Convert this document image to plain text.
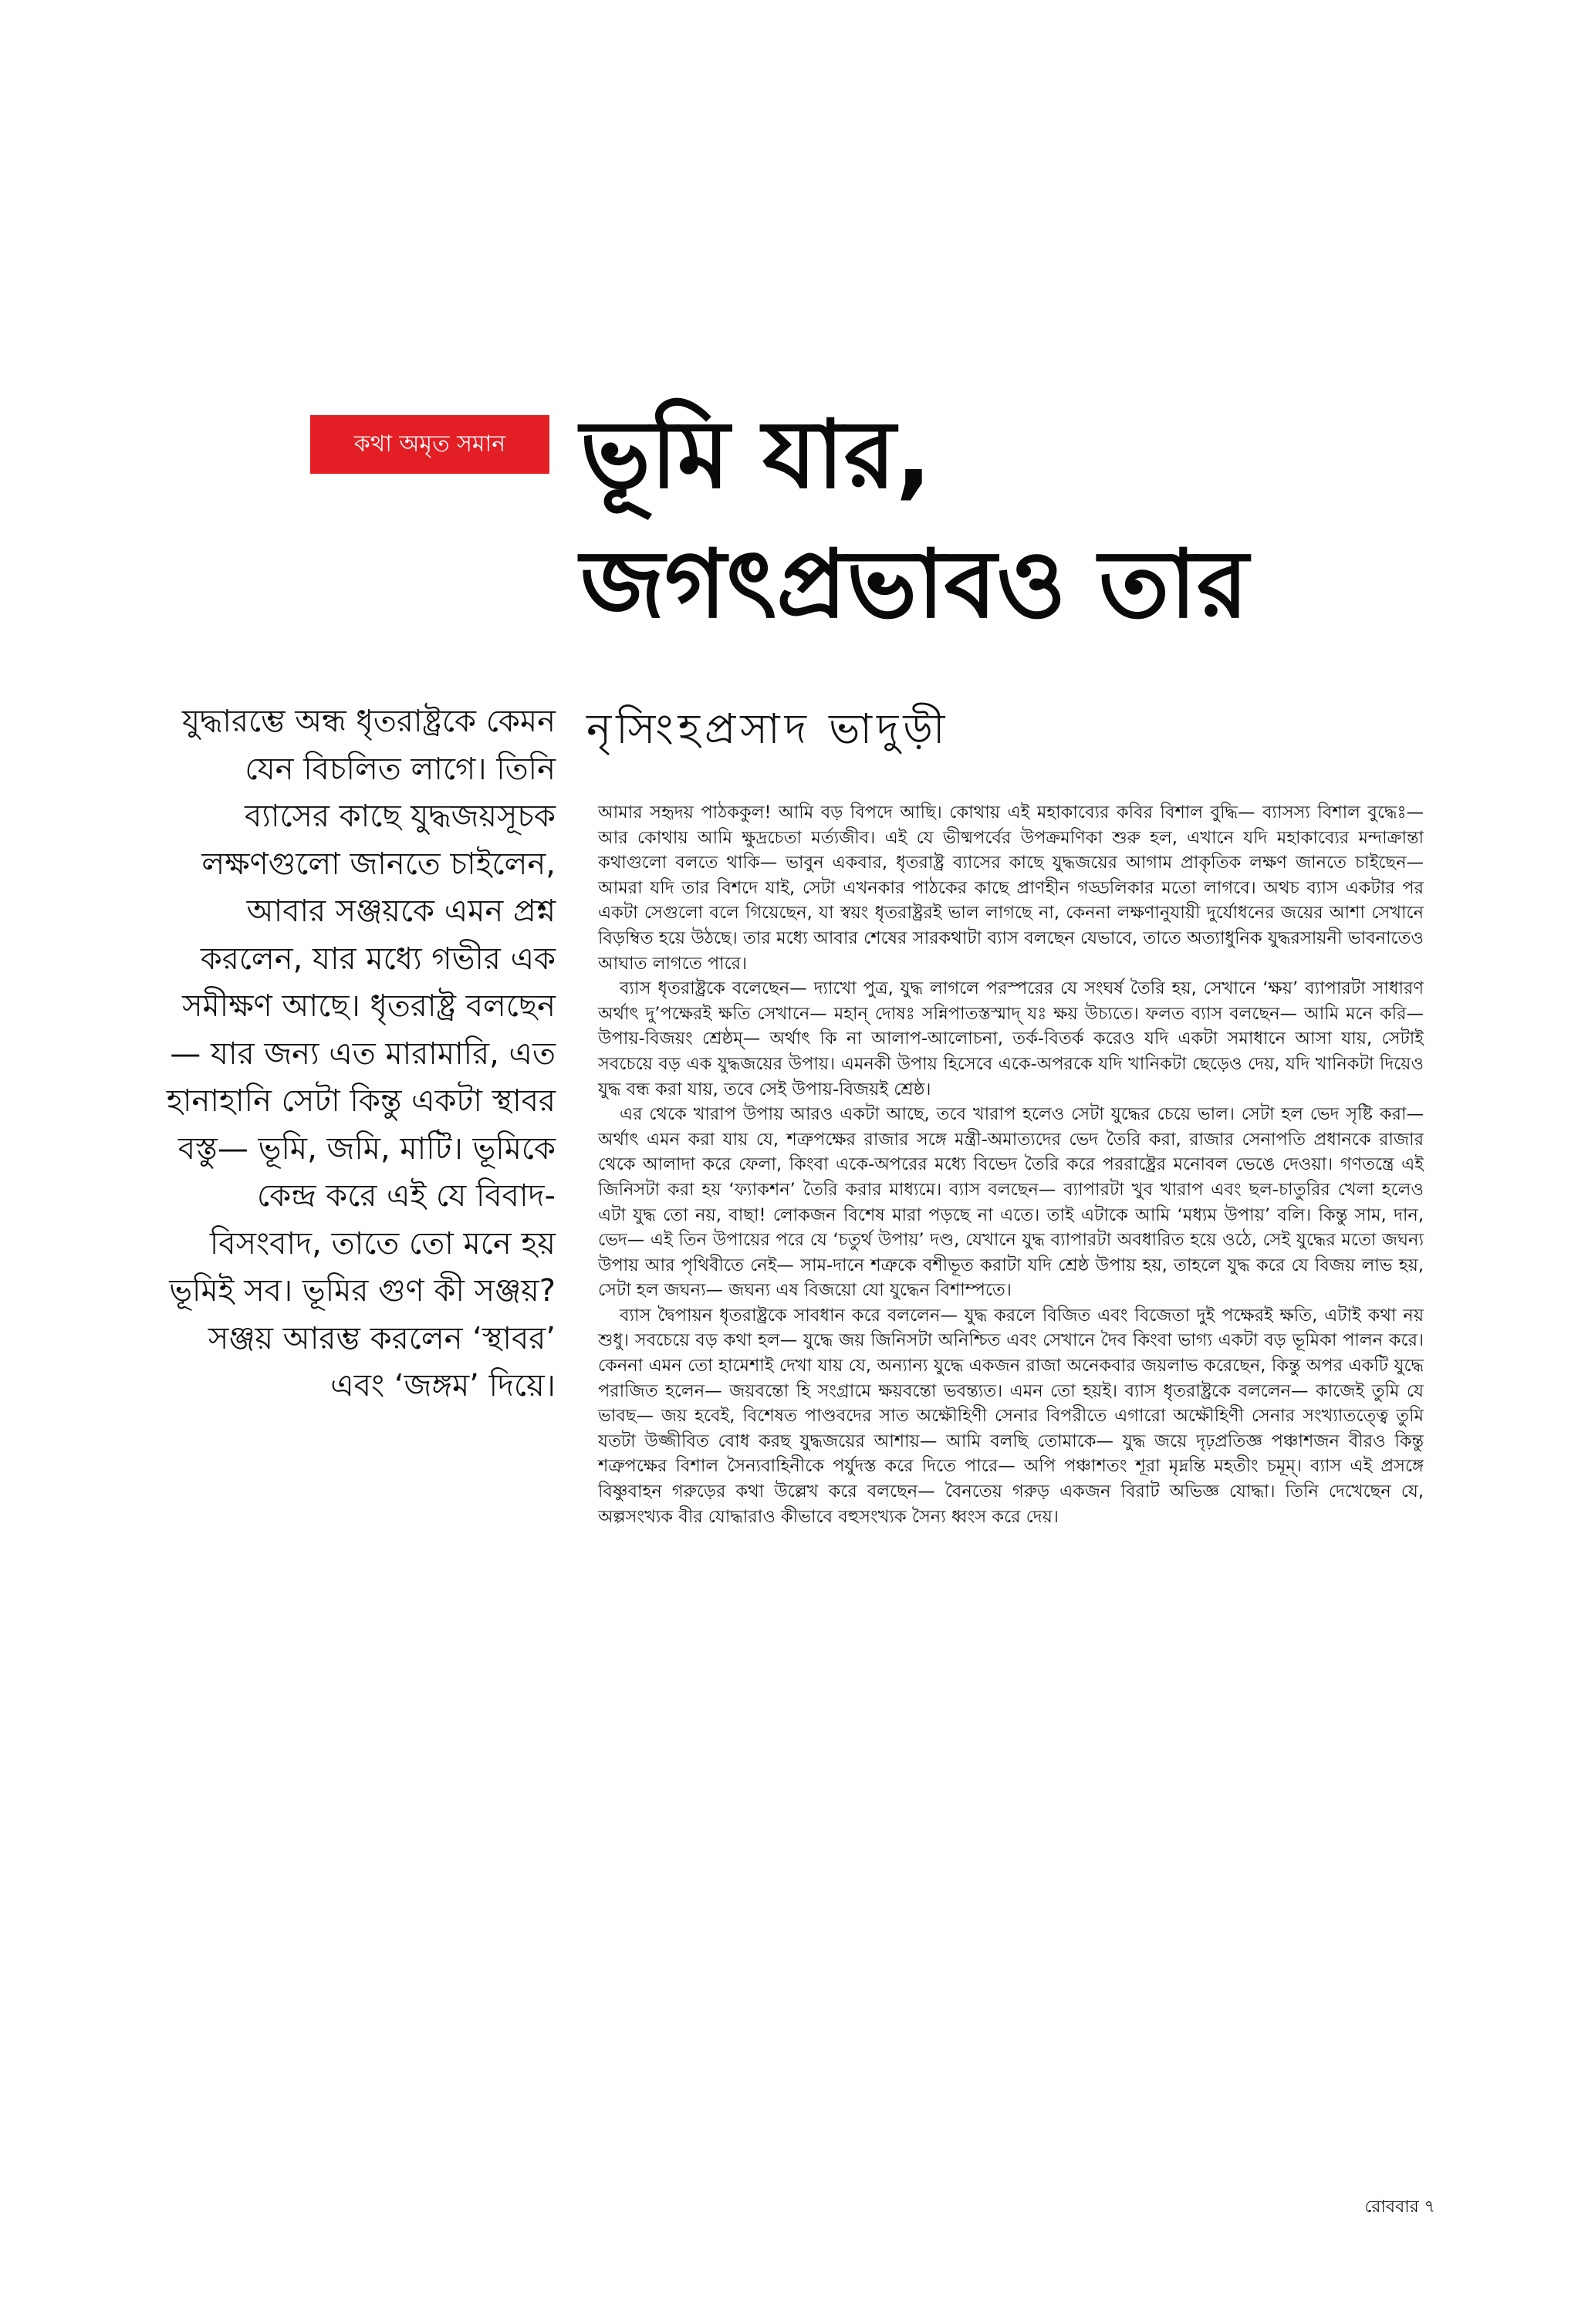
কথা অমৃত সমান ভূমি যার,
জগৎপ্রভাবও তার
নৃসিংহপ্রসাদ ভাদুড়ী

যুদ্ধারম্ভে অন্ধ ধৃতরাষ্ট্রকে কেমন যেন বিচলিত লাগে। তিনি ব্যাসের কাছে যুদ্ধজয়সূচক লক্ষণগুলো জানতে চাইলেন, আবার সঞ্জয়কে এমন প্রশ্ন করলেন, যার মধ্যে গভীর এক সমীক্ষণ আছে। ধৃতরাষ্ট্র বলছেন— যার জন্য এত মারামারি, এত হানাহানি সেটা কিন্তু একটা স্থাবর বস্তু— ভূমি, জমি, মাটি। ভূমিকে কেন্দ্র করে এই যে বিবাদ-বিসংবাদ, তাতে তো মনে হয় ভূমিই সব। ভূমির গুণ কী সঞ্জয়? সঞ্জয় আরম্ভ করলেন ‘স্থাবর’ এবং ‘জঙ্গম’ দিয়ে।

আমার সহৃদয় পাঠককুল! আমি বড় বিপদে আছি। কোথায় এই মহাকাব্যের কবির বিশাল বুদ্ধি— ব্যাসস্য বিশাল বুদ্ধেঃ— আর কোথায় আমি ক্ষুদ্রচেতা মর্ত্যজীব। এই যে ভীষ্মপর্বের উপক্রমণিকা শুরু হল, এখানে যদি মহাকাব্যের মন্দাক্রান্তা কথাগুলো বলতে থাকি— ভাবুন একবার, ধৃতরাষ্ট্র ব্যাসের কাছে যুদ্ধজয়ের আগাম প্রাকৃতিক লক্ষণ জানতে চাইছেন— আমরা যদি তার বিশদে যাই, সেটা এখনকার পাঠকের কাছে প্রাণহীন গড্ডলিকার মতো লাগবে। অথচ ব্যাস একটার পর একটা সেগুলো বলে গিয়েছেন, যা স্বয়ং ধৃতরাষ্ট্ররই ভাল লাগছে না, কেননা লক্ষণানুযায়ী দুর্যোধনের জয়ের আশা সেখানে বিড়ম্বিত হয়ে উঠছে। তার মধ্যে আবার শেষের সারকথাটা ব্যাস বলছেন যেভাবে, তাতে অত্যাধুনিক যুদ্ধরসায়নী ভাবনাতেও আঘাত লাগতে পারে।

ব্যাস ধৃতরাষ্ট্রকে বলেছেন— দ্যাখো পুত্র, যুদ্ধ লাগলে পরস্পরের যে সংঘর্ষ তৈরি হয়, সেখানে ‘ক্ষয়’ ব্যাপারটা সাধারণ অর্থাৎ দু’পক্ষেরই ক্ষতি সেখানে— মহান্ দোষঃ সন্নিপাতস্তস্মাদ্ যঃ ক্ষয় উচ্যতে। ফলত ব্যাস বলছেন— আমি মনে করি— উপায়-বিজয়ং শ্রেষ্ঠম্— অর্থাৎ কি না আলাপ-আলোচনা, তর্ক-বিতর্ক করেও যদি একটা সমাধানে আসা যায়, সেটাই সবচেয়ে বড় এক যুদ্ধজয়ের উপায়। এমনকী উপায় হিসেবে একে-অপরকে যদি খানিকটা ছেড়েও দেয়, যদি খানিকটা দিয়েও যুদ্ধ বন্ধ করা যায়, তবে সেই উপায়-বিজয়ই শ্রেষ্ঠ।

এর থেকে খারাপ উপায় আরও একটা আছে, তবে খারাপ হলেও সেটা যুদ্ধের চেয়ে ভাল। সেটা হল ভেদ সৃষ্টি করা— অর্থাৎ এমন করা যায় যে, শত্রুপক্ষের রাজার সঙ্গে মন্ত্রী-অমাত্যদের ভেদ তৈরি করা, রাজার সেনাপতি প্রধানকে রাজার থেকে আলাদা করে ফেলা, কিংবা একে-অপরের মধ্যে বিভেদ তৈরি করে পররাষ্ট্রের মনোবল ভেঙে দেওয়া। গণতন্ত্রে এই জিনিসটা করা হয় ‘ফ্যাকশন’ তৈরি করার মাধ্যমে। ব্যাস বলছেন— ব্যাপারটা খুব খারাপ এবং ছল-চাতুরির খেলা হলেও এটা যুদ্ধ তো নয়, বাছা! লোকজন বিশেষ মারা পড়ছে না এতে। তাই এটাকে আমি ‘মধ্যম উপায়’ বলি। কিন্তু সাম, দান, ভেদ— এই তিন উপায়ের পরে যে ‘চতুর্থ উপায়’ দণ্ড, যেখানে যুদ্ধ ব্যাপারটা অবধারিত হয়ে ওঠে, সেই যুদ্ধের মতো জঘন্য উপায় আর পৃথিবীতে নেই— সাম-দানে শত্রুকে বশীভূত করাটা যদি শ্রেষ্ঠ উপায় হয়, তাহলে যুদ্ধ করে যে বিজয় লাভ হয়, সেটা হল জঘন্য— জঘন্য এষ বিজয়ো যো যুদ্ধেন বিশাম্পতে।

ব্যাস দ্বৈপায়ন ধৃতরাষ্ট্রকে সাবধান করে বললেন— যুদ্ধ করলে বিজিত এবং বিজেতা দুই পক্ষেরই ক্ষতি, এটাই কথা নয় শুধু। সবচেয়ে বড় কথা হল— যুদ্ধে জয় জিনিসটা অনিশ্চিত এবং সেখানে দৈব কিংবা ভাগ্য একটা বড় ভূমিকা পালন করে। কেননা এমন তো হামেশাই দেখা যায় যে, অন্যান্য যুদ্ধে একজন রাজা অনেকবার জয়লাভ করেছেন, কিন্তু অপর একটি যুদ্ধে পরাজিত হলেন— জয়বন্তো হি সংগ্রামে ক্ষয়বন্তো ভবন্ত্যত। এমন তো হয়ই। ব্যাস ধৃতরাষ্ট্রকে বললেন— কাজেই তুমি যে ভাবছ— জয় হবেই, বিশেষত পাণ্ডবদের সাত অক্ষৌহিণী সেনার বিপরীতে এগারো অক্ষৌহিণী সেনার সংখ্যাতত্ত্বে তুমি যতটা উজ্জীবিত বোধ করছ যুদ্ধজয়ের আশায়— আমি বলছি তোমাকে— যুদ্ধ জয়ে দৃঢ়প্রতিজ্ঞ পঞ্চাশজন বীরও কিন্তু শত্রুপক্ষের বিশাল সৈন্যবাহিনীকে পর্যুদস্ত করে দিতে পারে— অপি পঞ্চাশতং শূরা মৃদ্নন্তি মহতীং চমূম্। ব্যাস এই প্রসঙ্গে বিষ্ণুবাহন গরুড়ের কথা উল্লেখ করে বলছেন— বৈনতেয় গরুড় একজন বিরাট অভিজ্ঞ যোদ্ধা। তিনি দেখেছেন যে, অল্পসংখ্যক বীর যোদ্ধারাও কীভাবে বহুসংখ্যক সৈন্য ধ্বংস করে দেয়।

রোববার ৭
